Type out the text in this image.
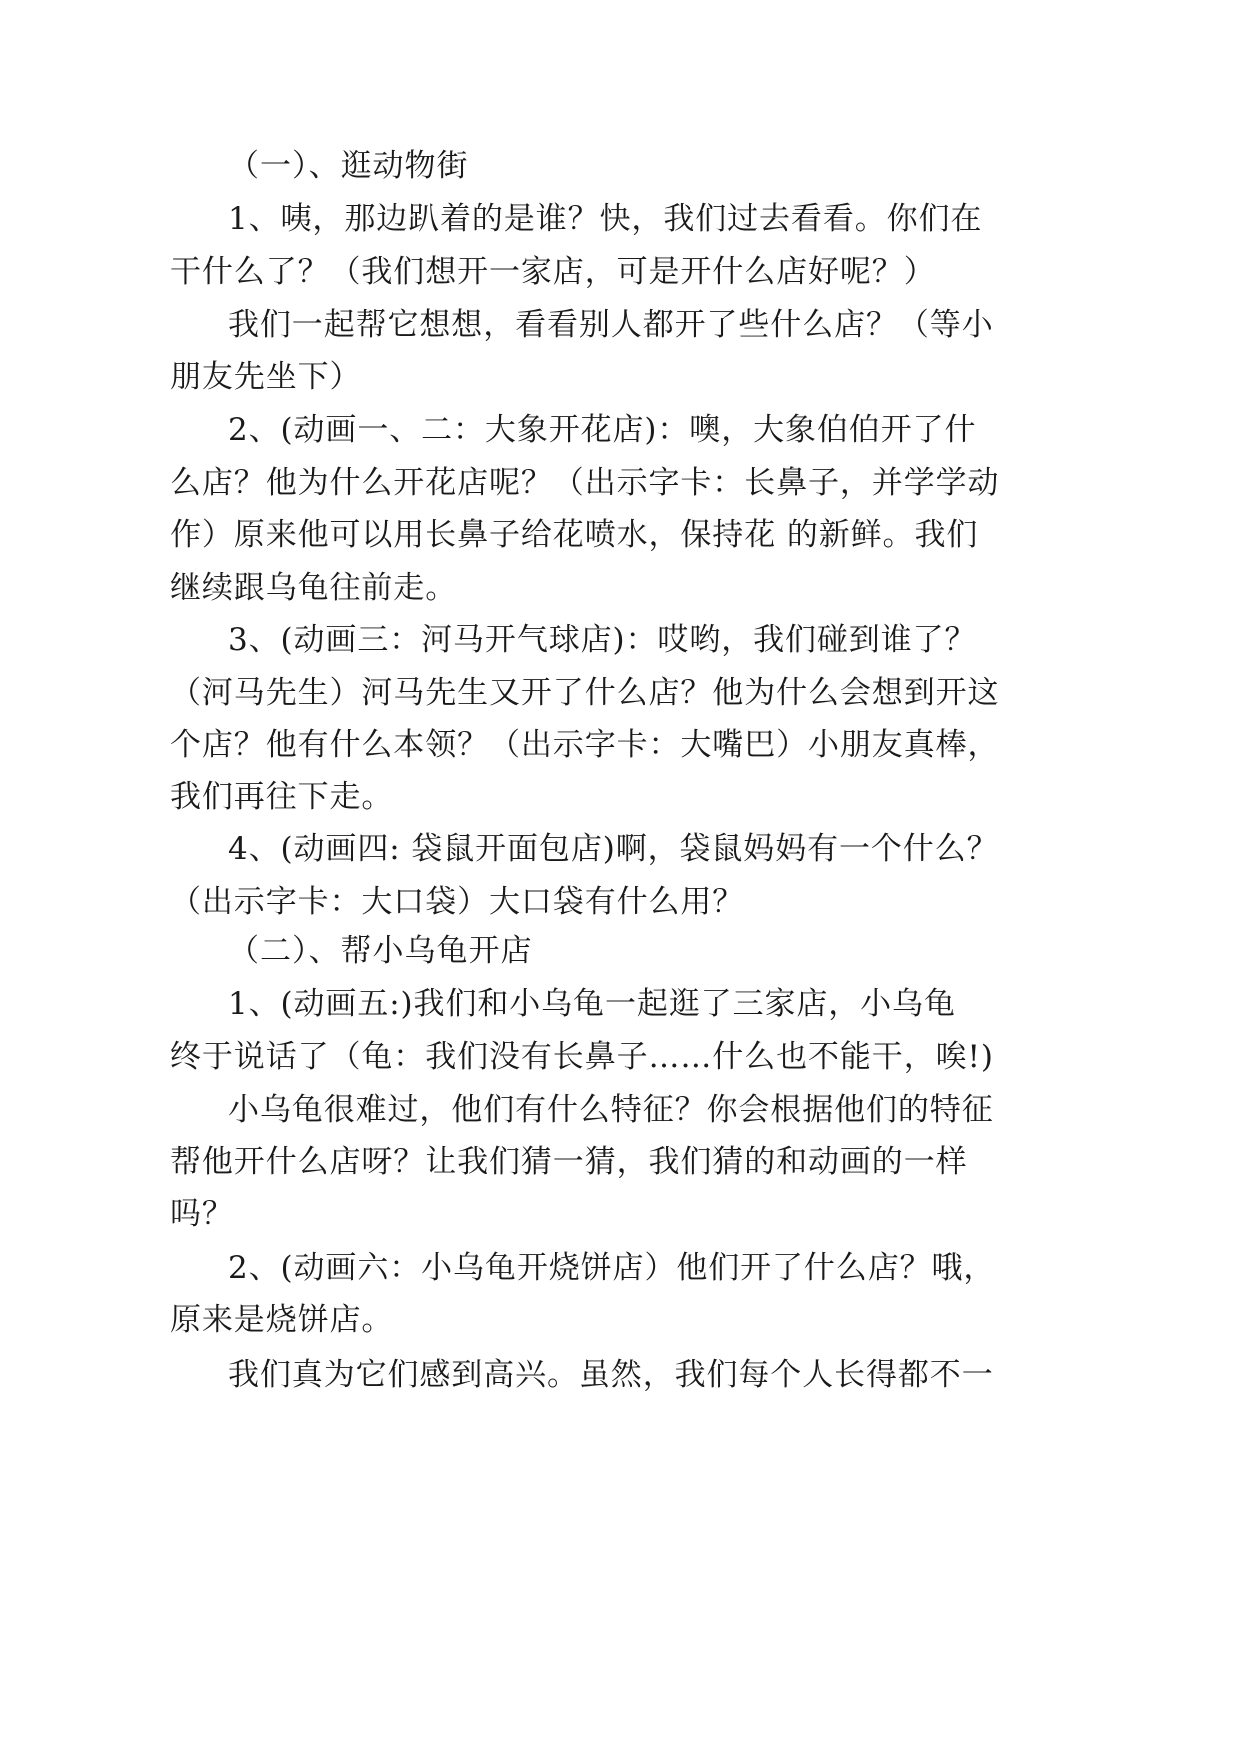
（一）、逛动物街

1、咦，那边趴着的是谁？快，我们过去看看。你们在

干什么了？（我们想开一家店，可是开什么店好呢？）

我们一起帮它想想，看看别人都开了些什么店？（等小

朋友先坐下）

2、(动画一、二：大象开花店)：噢，大象伯伯开了什

么店？他为什么开花店呢？（出示字卡：长鼻子，并学学动

作）原来他可以用长鼻子给花喷水，保持花 的新鲜。我们

继续跟乌龟往前走。

3、(动画三：河马开气球店)：哎哟，我们碰到谁了？

（河马先生）河马先生又开了什么店？他为什么会想到开这

个店？他有什么本领？（出示字卡：大嘴巴）小朋友真棒，

我们再往下走。

4、(动画四: 袋鼠开面包店)啊，袋鼠妈妈有一个什么？

（出示字卡：大口袋）大口袋有什么用？

（二）、帮小乌龟开店

1、(动画五:)我们和小乌龟一起逛了三家店，小乌龟

终于说话了（龟：我们没有长鼻子……什么也不能干，唉!)

小乌龟很难过，他们有什么特征？你会根据他们的特征

帮他开什么店呀？让我们猜一猜，我们猜的和动画的一样

吗？

2、(动画六：小乌龟开烧饼店）他们开了什么店？哦，

原来是烧饼店。

我们真为它们感到高兴。虽然，我们每个人长得都不一
